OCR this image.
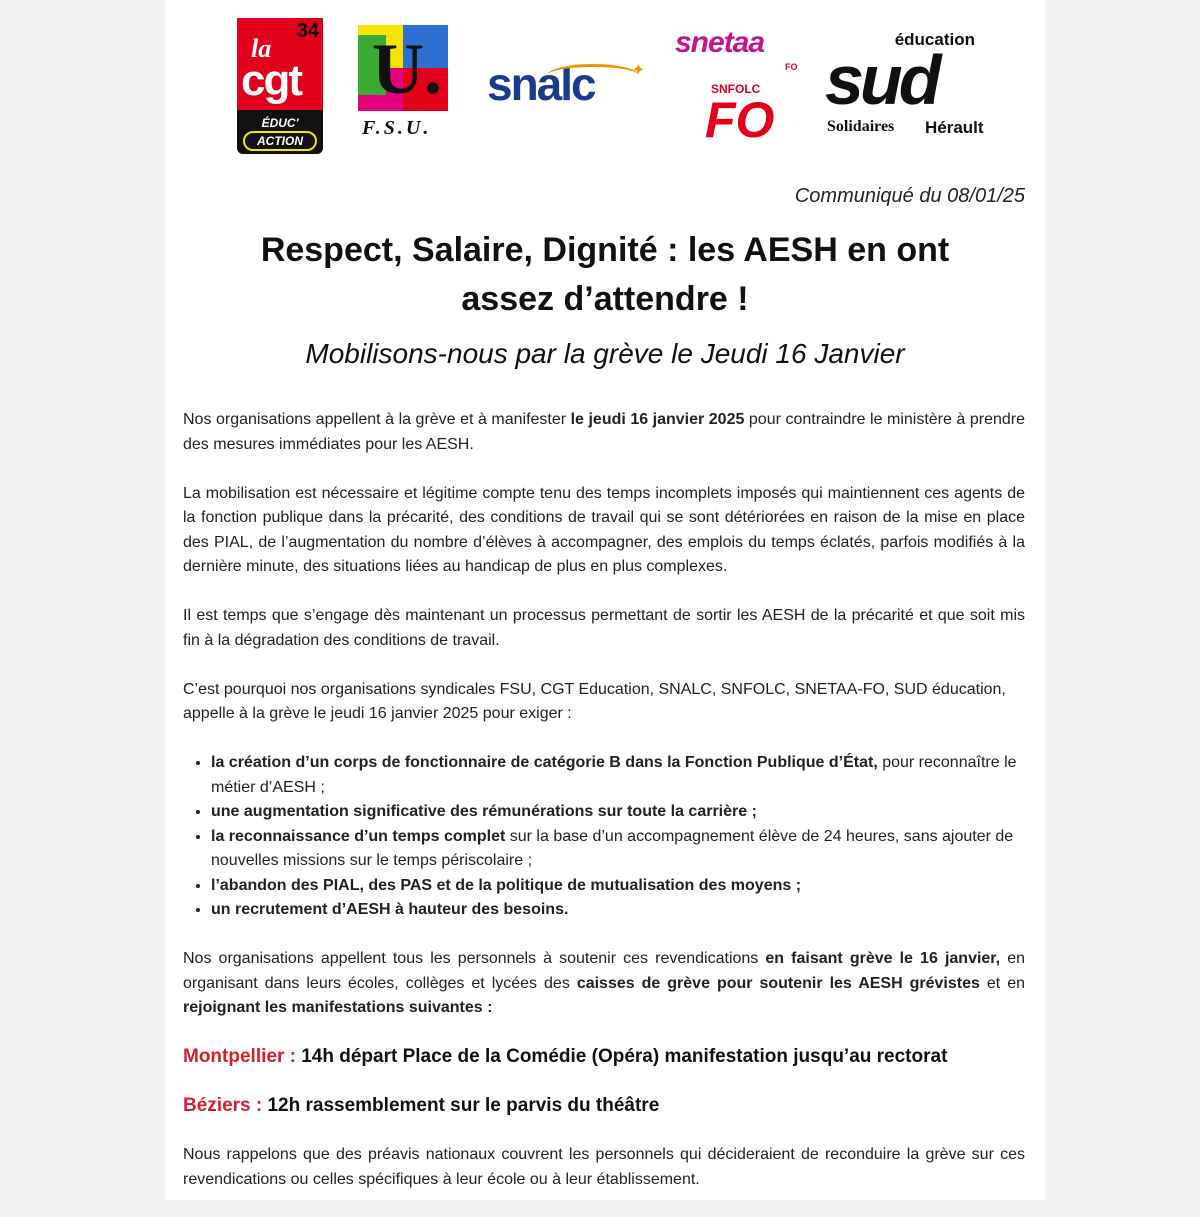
34
la
cgt
ÉDUC'
ACTION
U.
F.S.U.
✦
snalc
snetaa
FO
SNFOLC
FO
éducation
sud
Solidaires Hérault
Communiqué du 08/01/25
Respect, Salaire, Dignité : les AESH en ont
assez d’attendre !
Mobilisons-nous par la grève le Jeudi 16 Janvier

Nos organisations appellent à la grève et à manifester le jeudi 16 janvier 2025 pour contraindre le ministère à prendre des mesures immédiates pour les AESH.

La mobilisation est nécessaire et légitime compte tenu des temps incomplets imposés qui maintiennent ces agents de la fonction publique dans la précarité, des conditions de travail qui se sont détériorées en raison de la mise en place des PIAL, de l’augmentation du nombre d’élèves à accompagner, des emplois du temps éclatés, parfois modifiés à la dernière minute, des situations liées au handicap de plus en plus complexes.

Il est temps que s’engage dès maintenant un processus permettant de sortir les AESH de la précarité et que soit mis fin à la dégradation des conditions de travail.

C’est pourquoi nos organisations syndicales FSU, CGT Education, SNALC, SNFOLC, SNETAA-FO, SUD éducation, appelle à la grève le jeudi 16 janvier 2025 pour exiger :

• la création d’un corps de fonctionnaire de catégorie B dans la Fonction Publique d’État, pour reconnaître le métier d’AESH ;
• une augmentation significative des rémunérations sur toute la carrière ;
• la reconnaissance d’un temps complet sur la base d’un accompagnement élève de 24 heures, sans ajouter de nouvelles missions sur le temps périscolaire ;
• l’abandon des PIAL, des PAS et de la politique de mutualisation des moyens ;
• un recrutement d’AESH à hauteur des besoins.

Nos organisations appellent tous les personnels à soutenir ces revendications en faisant grève le 16 janvier, en organisant dans leurs écoles, collèges et lycées des caisses de grève pour soutenir les AESH grévistes et en rejoignant les manifestations suivantes :

Montpellier : 14h départ Place de la Comédie (Opéra) manifestation jusqu’au rectorat

Béziers : 12h rassemblement sur le parvis du théâtre

Nous rappelons que des préavis nationaux couvrent les personnels qui décideraient de reconduire la grève sur ces revendications ou celles spécifiques à leur école ou à leur établissement.
